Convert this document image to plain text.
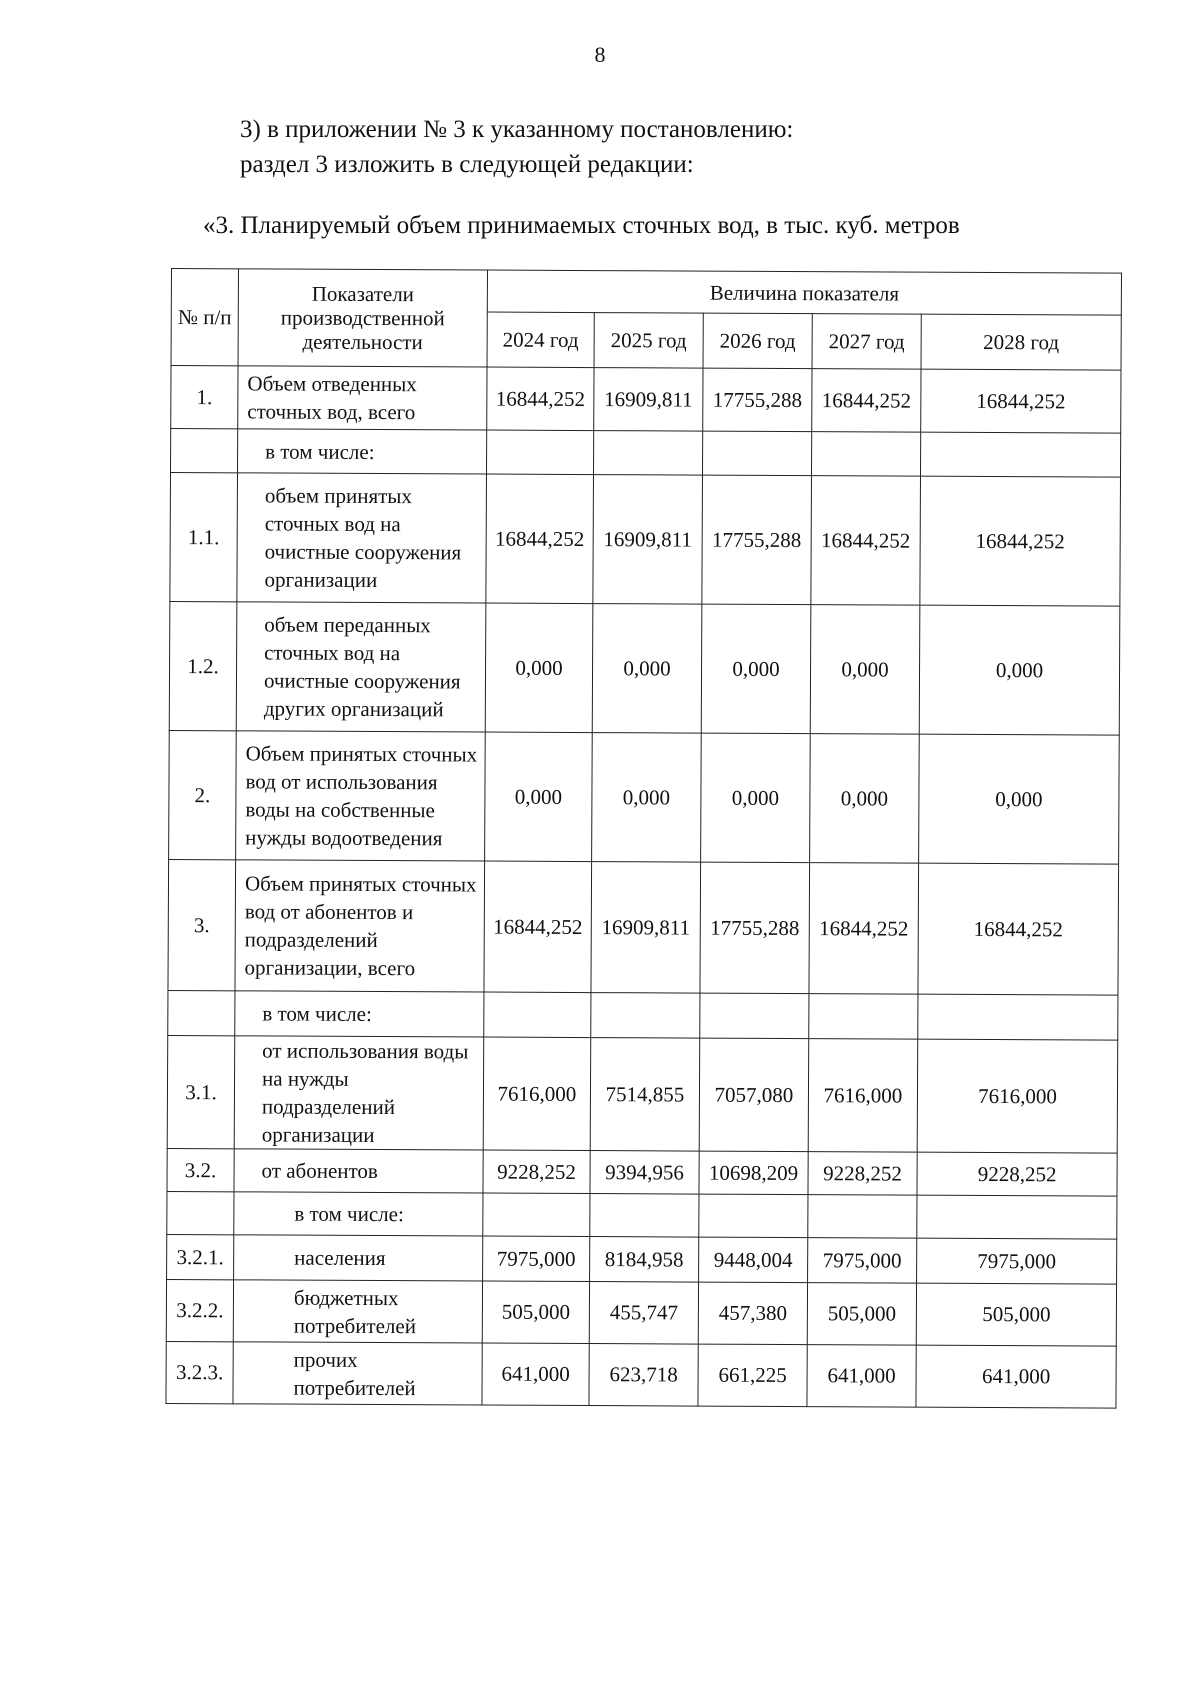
8
3) в приложении № 3 к указанному постановлению:
раздел 3 изложить в следующей редакции:
«3. Планируемый объем принимаемых сточных вод, в тыс. куб. метров
№ п/п	Показатели производственной деятельности	Величина показателя				
		2024 год	2025 год	2026 год	2027 год	2028 год
1.	Объем отведенных сточных вод, всего	16844,252	16909,811	17755,288	16844,252	16844,252
	в том числе:					
1.1.	объем принятых сточных вод на очистные сооружения организации	16844,252	16909,811	17755,288	16844,252	16844,252
1.2.	объем переданных сточных вод на очистные сооружения других организаций	0,000	0,000	0,000	0,000	0,000
2.	Объем принятых сточных вод от использования воды на собственные нужды водоотведения	0,000	0,000	0,000	0,000	0,000
3.	Объем принятых сточных вод от абонентов и подразделений организации, всего	16844,252	16909,811	17755,288	16844,252	16844,252
	в том числе:					
3.1.	от использования воды на нужды подразделений организации	7616,000	7514,855	7057,080	7616,000	7616,000
3.2.	от абонентов	9228,252	9394,956	10698,209	9228,252	9228,252
	в том числе:					
3.2.1.	населения	7975,000	8184,958	9448,004	7975,000	7975,000
3.2.2.	бюджетных потребителей	505,000	455,747	457,380	505,000	505,000
3.2.3.	прочих потребителей	641,000	623,718	661,225	641,000	641,000
